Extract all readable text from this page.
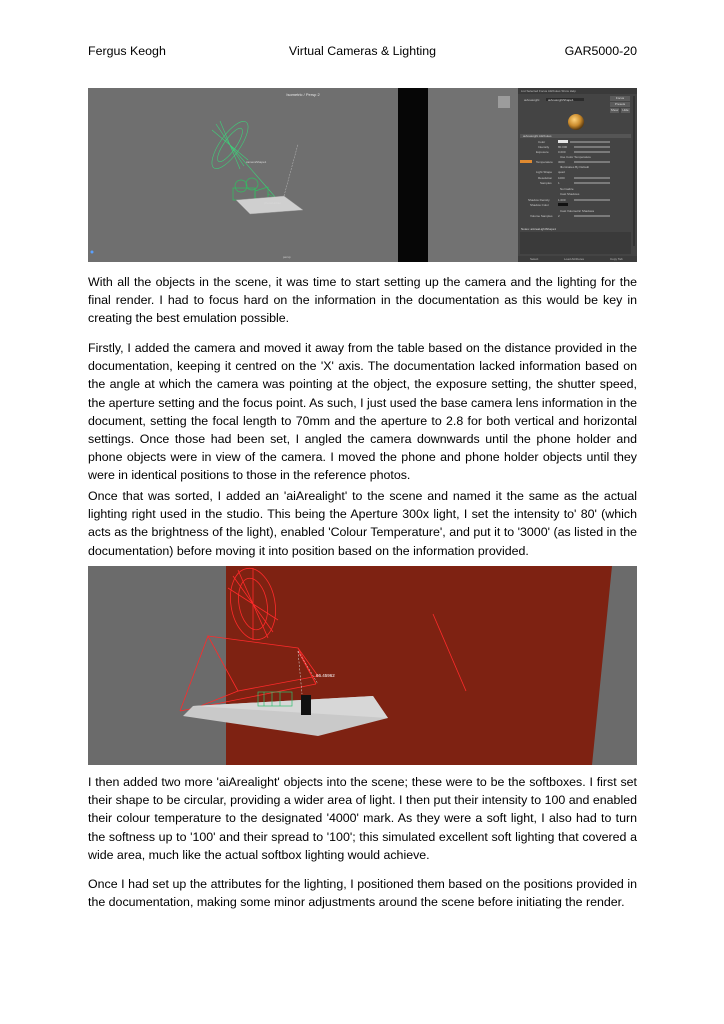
Fergus Keogh	Virtual Cameras & Lighting	GAR5000-20
Isometric / Persp 2
cameraShape1
phoneHolder
persp
List Selected Focus Attributes Show Help
aiAreaLight:	aiAreaLightShape1	Focus
Presets
Show	Hide
aiAreaLight Attributes
Color
Intensity	80.000
Exposure	0.000
Use Color Temperature
Temperature 3000
Illuminates By Default
Light Shape quad
Resolution 1000
Samples 1
Normalize
Cast Shadows
Shadow Density	1.000
Shadow Color
Cast Volumetric Shadows
Volume Samples 2
Notes: aiAreaLightShape1
Select	Load Attributes	Copy Tab

With all the objects in the scene, it was time to start setting up the camera and the lighting for the final render. I had to focus hard on the information in the documentation as this would be key in creating the best emulation possible.

Firstly, I added the camera and moved it away from the table based on the distance provided in the documentation, keeping it centred on the 'X' axis. The documentation lacked information based on the angle at which the camera was pointing at the object, the exposure setting, the shutter speed, the aperture setting and the focus point. As such, I just used the base camera lens information in the document, setting the focal length to 70mm and the aperture to 2.8 for both vertical and horizontal settings. Once those had been set, I angled the camera downwards until the phone holder and phone objects were in view of the camera. I moved the phone and phone holder objects until they were in identical positions to those in the reference photos.

Once that was sorted, I added an 'aiArealight' to the scene and named it the same as the actual lighting right used in the studio. This being the Aperture 300x light, I set the intensity to' 80' (which acts as the brightness of the light), enabled 'Colour Temperature', and put it to '3000' (as listed in the documentation) before moving it into position based on the information provided.

66.45962

I then added two more 'aiArealight' objects into the scene; these were to be the softboxes. I first set their shape to be circular, providing a wider area of light. I then put their intensity to 100 and enabled their colour temperature to the designated '4000' mark. As they were a soft light, I also had to turn the softness up to '100' and their spread to '100'; this simulated excellent soft lighting that covered a wide area, much like the actual softbox lighting would achieve.

Once I had set up the attributes for the lighting, I positioned them based on the positions provided in the documentation, making some minor adjustments around the scene before initiating the render.
